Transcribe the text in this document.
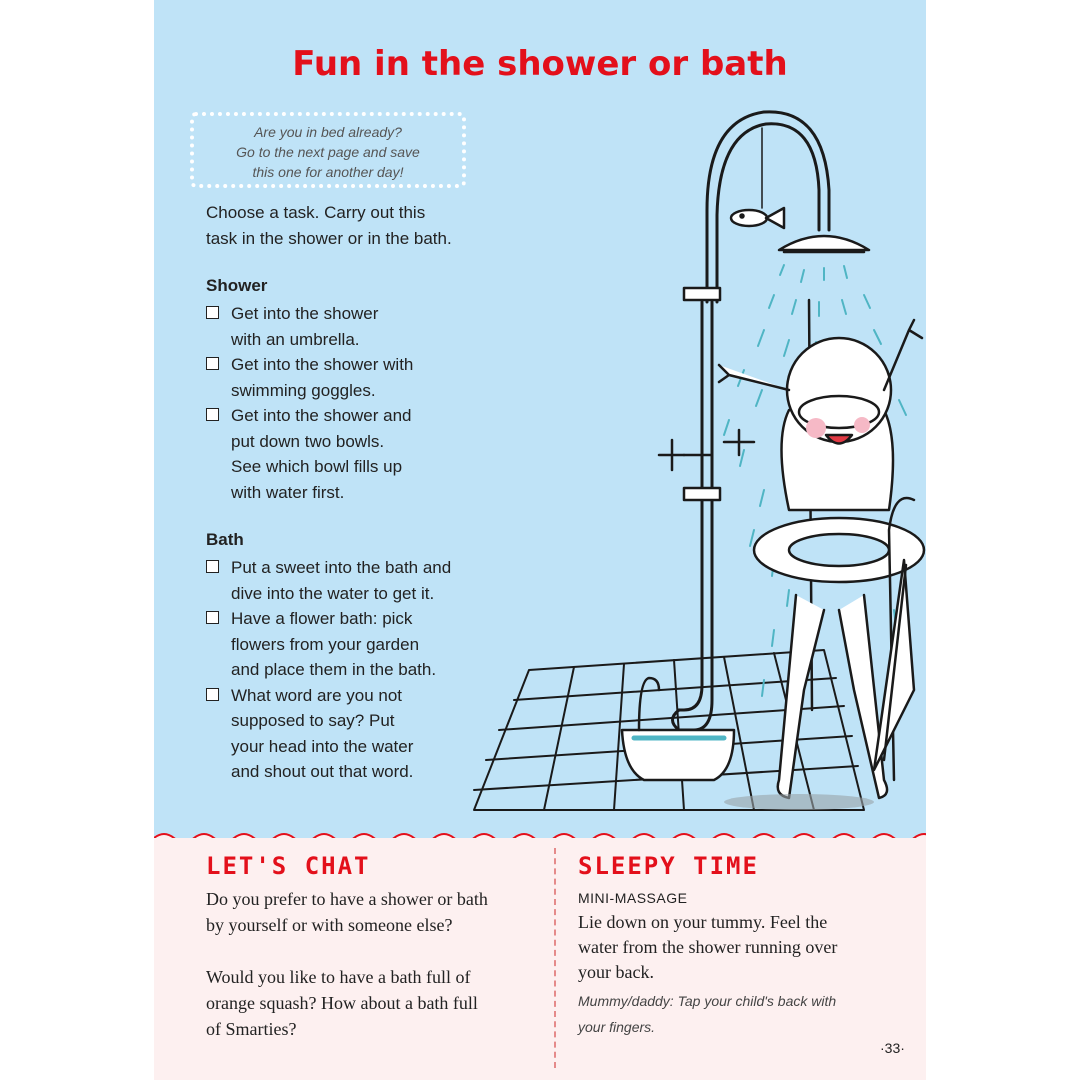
Fun in the shower or bath
Are you in bed already?
Go to the next page and save
this one for another day!

Choose a task. Carry out this
task in the shower or in the bath.

Shower
Get into the shower
with an umbrella.
Get into the shower with
swimming goggles.
Get into the shower and
put down two bowls.
See which bowl fills up
with water first.
Bath
Put a sweet into the bath and
dive into the water to get it.
Have a flower bath: pick
flowers from your garden
and place them in the bath.
What word are you not
supposed to say? Put
your head into the water
and shout out that word.
LET'S CHAT

Do you prefer to have a shower or bath
by yourself or with someone else?

Would you like to have a bath full of
orange squash? How about a bath full
of Smarties?

SLEEPY TIME
MINI-MASSAGE
Lie down on your tummy. Feel the
water from the shower running over
your back.
Mummy/daddy: Tap your child's back with
your fingers.
·33·
